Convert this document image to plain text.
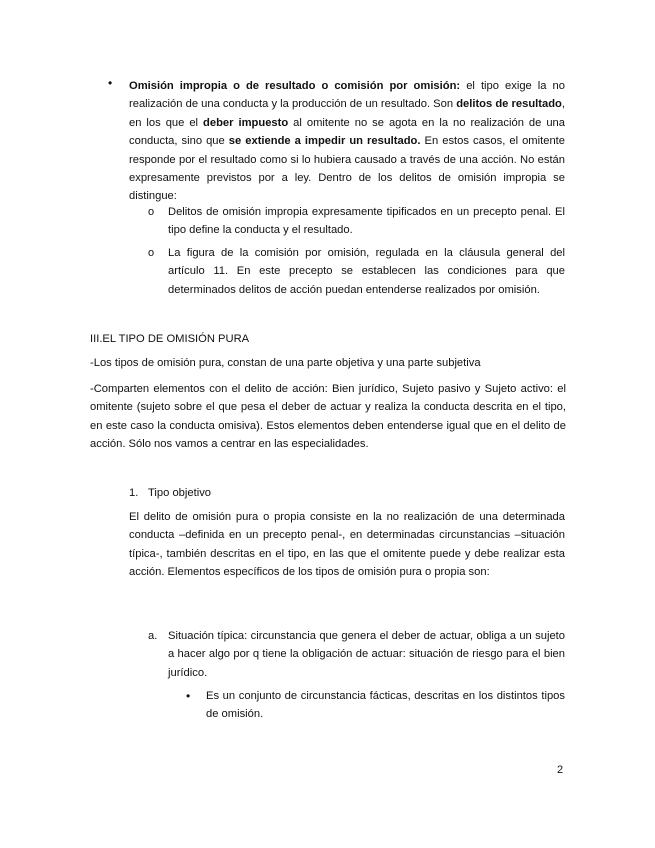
• Omisión impropia o de resultado o comisión por omisión: el tipo exige la no realización de una conducta y la producción de un resultado. Son delitos de resultado, en los que el deber impuesto al omitente no se agota en la no realización de una conducta, sino que se extiende a impedir un resultado. En estos casos, el omitente responde por el resultado como si lo hubiera causado a través de una acción. No están expresamente previstos por a ley. Dentro de los delitos de omisión impropia se distingue:

o Delitos de omisión impropia expresamente tipificados en un precepto penal. El tipo define la conducta y el resultado.

o La figura de la comisión por omisión, regulada en la cláusula general del artículo 11. En este precepto se establecen las condiciones para que determinados delitos de acción puedan entenderse realizados por omisión.

III.EL TIPO DE OMISIÓN PURA

-Los tipos de omisión pura, constan de una parte objetiva y una parte subjetiva

-Comparten elementos con el delito de acción: Bien jurídico, Sujeto pasivo y Sujeto activo: el omitente (sujeto sobre el que pesa el deber de actuar y realiza la conducta descrita en el tipo, en este caso la conducta omisiva). Estos elementos deben entenderse igual que en el delito de acción. Sólo nos vamos a centrar en las especialidades.

1. Tipo objetivo

El delito de omisión pura o propia consiste en la no realización de una determinada conducta –definida en un precepto penal-, en determinadas circunstancias –situación típica-, también descritas en el tipo, en las que el omitente puede y debe realizar esta acción. Elementos específicos de los tipos de omisión pura o propia son:

a. Situación típica: circunstancia que genera el deber de actuar, obliga a un sujeto a hacer algo por q tiene la obligación de actuar: situación de riesgo para el bien jurídico.

• Es un conjunto de circunstancia fácticas, descritas en los distintos tipos de omisión.

2
